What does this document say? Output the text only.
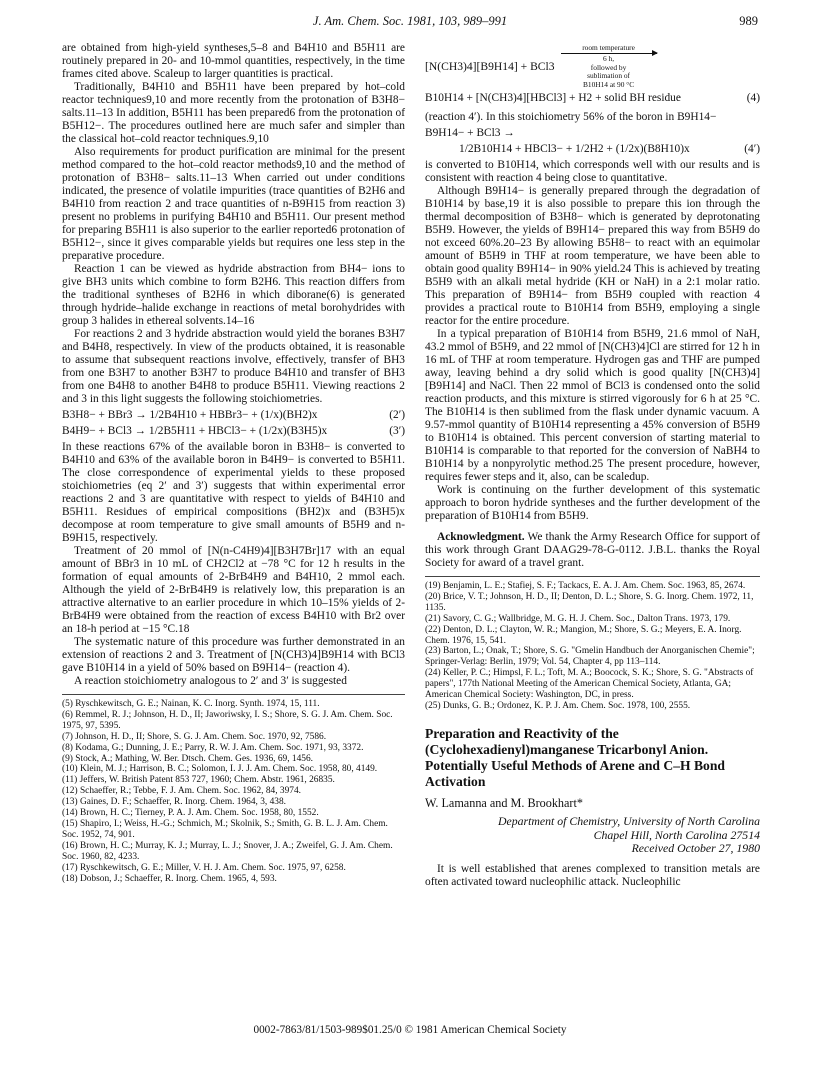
J. Am. Chem. Soc. 1981, 103, 989–991	989

are obtained from high-yield syntheses,5–8 and B4H10 and B5H11 are routinely prepared in 20- and 10-mmol quantities, respectively, in the time frames cited above. Scaleup to larger quantities is practical.

Traditionally, B4H10 and B5H11 have been prepared by hot–cold reactor techniques9,10 and more recently from the protonation of B3H8− salts.11–13 In addition, B5H11 has been prepared6 from the protonation of B5H12−. The procedures outlined here are much safer and simpler than the classical hot–cold reactor techniques.9,10

Also requirements for product purification are minimal for the present method compared to the hot–cold reactor methods9,10 and the method of protonation of B3H8− salts.11–13 When carried out under conditions indicated, the presence of volatile impurities (trace quantities of B2H6 and B4H10 from reaction 2 and trace quantities of n-B9H15 from reaction 3) present no problems in purifying B4H10 and B5H11. Our present method for preparing B5H11 is also superior to the earlier reported6 protonation of B5H12−, since it gives comparable yields but requires one less step in the preparative procedure.

Reaction 1 can be viewed as hydride abstraction from BH4− ions to give BH3 units which combine to form B2H6. This reaction differs from the traditional syntheses of B2H6 in which diborane(6) is generated through hydride–halide exchange in reactions of metal borohydrides with group 3 halides in ethereal solvents.14–16

For reactions 2 and 3 hydride abstraction would yield the boranes B3H7 and B4H8, respectively. In view of the products obtained, it is reasonable to assume that subsequent reactions involve, effectively, transfer of BH3 from one B3H7 to another B3H7 to produce B4H10 and transfer of BH3 from one B4H8 to another B4H8 to produce B5H11. Viewing reactions 2 and 3 in this light suggests the following stoichiometries.

B3H8− + BBr3 → 1/2B4H10 + HBBr3− + (1/x)(BH2)x	(2′)
B4H9− + BCl3 → 1/2B5H11 + HBCl3− + (1/2x)(B3H5)x	(3′)

In these reactions 67% of the available boron in B3H8− is converted to B4H10 and 63% of the available boron in B4H9− is converted to B5H11. The close correspondence of experimental yields to these proposed stoichiometries (eq 2′ and 3′) suggests that within experimental error reactions 2 and 3 are quantitative with respect to yields of B4H10 and B5H11. Residues of empirical compositions (BH2)x and (B3H5)x decompose at room temperature to give small amounts of B5H9 and n-B9H15, respectively.

Treatment of 20 mmol of [N(n-C4H9)4][B3H7Br]17 with an equal amount of BBr3 in 10 mL of CH2Cl2 at −78 °C for 12 h results in the formation of equal amounts of 2-BrB4H9 and B4H10, 2 mmol each. Although the yield of 2-BrB4H9 is relatively low, this preparation is an attractive alternative to an earlier procedure in which 10–15% yields of 2-BrB4H9 were obtained from the reaction of excess B4H10 with Br2 over an 18-h period at −15 °C.18

The systematic nature of this procedure was further demonstrated in an extension of reactions 2 and 3. Treatment of [N(CH3)4]B9H14 with BCl3 gave B10H14 in a yield of 50% based on B9H14− (reaction 4).

A reaction stoichiometry analogous to 2′ and 3′ is suggested

(5) Ryschkewitsch, G. E.; Nainan, K. C. Inorg. Synth. 1974, 15, 111.

(6) Remmel, R. J.; Johnson, H. D., II; Jaworiwsky, I. S.; Shore, S. G. J. Am. Chem. Soc. 1975, 97, 5395.

(7) Johnson, H. D., II; Shore, S. G. J. Am. Chem. Soc. 1970, 92, 7586.

(8) Kodama, G.; Dunning, J. E.; Parry, R. W. J. Am. Chem. Soc. 1971, 93, 3372.

(9) Stock, A.; Mathing, W. Ber. Dtsch. Chem. Ges. 1936, 69, 1456.

(10) Klein, M. J.; Harrison, B. C.; Solomon, I. J. J. Am. Chem. Soc. 1958, 80, 4149.

(11) Jeffers, W. British Patent 853 727, 1960; Chem. Abstr. 1961, 26835.

(12) Schaeffer, R.; Tebbe, F. J. Am. Chem. Soc. 1962, 84, 3974.

(13) Gaines, D. F.; Schaeffer, R. Inorg. Chem. 1964, 3, 438.

(14) Brown, H. C.; Tierney, P. A. J. Am. Chem. Soc. 1958, 80, 1552.

(15) Shapiro, I.; Weiss, H.-G.; Schmich, M.; Skolnik, S.; Smith, G. B. L. J. Am. Chem. Soc. 1952, 74, 901.

(16) Brown, H. C.; Murray, K. J.; Murray, L. J.; Snover, J. A.; Zweifel, G. J. Am. Chem. Soc. 1960, 82, 4233.

(17) Ryschkewitsch, G. E.; Miller, V. H. J. Am. Chem. Soc. 1975, 97, 6258.

(18) Dobson, J.; Schaeffer, R. Inorg. Chem. 1965, 4, 593.

[N(CH3)4][B9H14] + BCl3
room temperature
6 h,
followed by
sublimation of
B10H14 at 90 °C
B10H14 + [N(CH3)4][HBCl3] + H2 + solid BH residue	(4)

(reaction 4′). In this stoichiometry 56% of the boron in B9H14−

B9H14− + BCl3 →
1/2B10H14 + HBCl3− + 1/2H2 + (1/2x)(B8H10)x	(4′)

is converted to B10H14, which corresponds well with our results and is consistent with reaction 4 being close to quantitative.

Although B9H14− is generally prepared through the degradation of B10H14 by base,19 it is also possible to prepare this ion through the thermal decomposition of B3H8− which is generated by deprotonating B5H9. However, the yields of B9H14− prepared this way from B5H9 do not exceed 60%.20–23 By allowing B5H8− to react with an equimolar amount of B5H9 in THF at room temperature, we have been able to obtain good quality B9H14− in 90% yield.24 This is achieved by treating B5H9 with an alkali metal hydride (KH or NaH) in a 2:1 molar ratio. This preparation of B9H14− from B5H9 coupled with reaction 4 provides a practical route to B10H14 from B5H9, employing a single reactor for the entire procedure.

In a typical preparation of B10H14 from B5H9, 21.6 mmol of NaH, 43.2 mmol of B5H9, and 22 mmol of [N(CH3)4]Cl are stirred for 12 h in 16 mL of THF at room temperature. Hydrogen gas and THF are pumped away, leaving behind a dry solid which is good quality [N(CH3)4][B9H14] and NaCl. Then 22 mmol of BCl3 is condensed onto the solid reaction products, and this mixture is stirred vigorously for 6 h at 25 °C. The B10H14 is then sublimed from the flask under dynamic vacuum. A 9.57-mmol quantity of B10H14 representing a 45% conversion of B5H9 to B10H14 is obtained. This percent conversion of starting material to B10H14 is comparable to that reported for the conversion of NaBH4 to B10H14 by a nonpyrolytic method.25 The present procedure, however, requires fewer steps and it, also, can be scaledup.

Work is continuing on the further development of this systematic approach to boron hydride syntheses and the further development of the preparation of B10H14 from B5H9.

Acknowledgment. We thank the Army Research Office for support of this work through Grant DAAG29-78-G-0112. J.B.L. thanks the Royal Society for award of a travel grant.

(19) Benjamin, L. E.; Stafiej, S. F.; Tackacs, E. A. J. Am. Chem. Soc. 1963, 85, 2674.

(20) Brice, V. T.; Johnson, H. D., II; Denton, D. L.; Shore, S. G. Inorg. Chem. 1972, 11, 1135.

(21) Savory, C. G.; Wallbridge, M. G. H. J. Chem. Soc., Dalton Trans. 1973, 179.

(22) Denton, D. L.; Clayton, W. R.; Mangion, M.; Shore, S. G.; Meyers, E. A. Inorg. Chem. 1976, 15, 541.

(23) Barton, L.; Onak, T.; Shore, S. G. "Gmelin Handbuch der Anorganischen Chemie"; Springer-Verlag: Berlin, 1979; Vol. 54, Chapter 4, pp 113–114.

(24) Keller, P. C.; Himpsl, F. L.; Toft, M. A.; Boocock, S. K.; Shore, S. G. "Abstracts of papers", 177th National Meeting of the American Chemical Society, Atlanta, GA; American Chemical Society: Washington, DC, in press.

(25) Dunks, G. B.; Ordonez, K. P. J. Am. Chem. Soc. 1978, 100, 2555.

Preparation and Reactivity of the (Cyclohexadienyl)manganese Tricarbonyl Anion. Potentially Useful Methods of Arene and C–H Bond Activation
W. Lamanna and M. Brookhart*
Department of Chemistry, University of North Carolina
Chapel Hill, North Carolina 27514
Received October 27, 1980

It is well established that arenes complexed to transition metals are often activated toward nucleophilic attack. Nucleophilic

0002-7863/81/1503-989$01.25/0 © 1981 American Chemical Society
